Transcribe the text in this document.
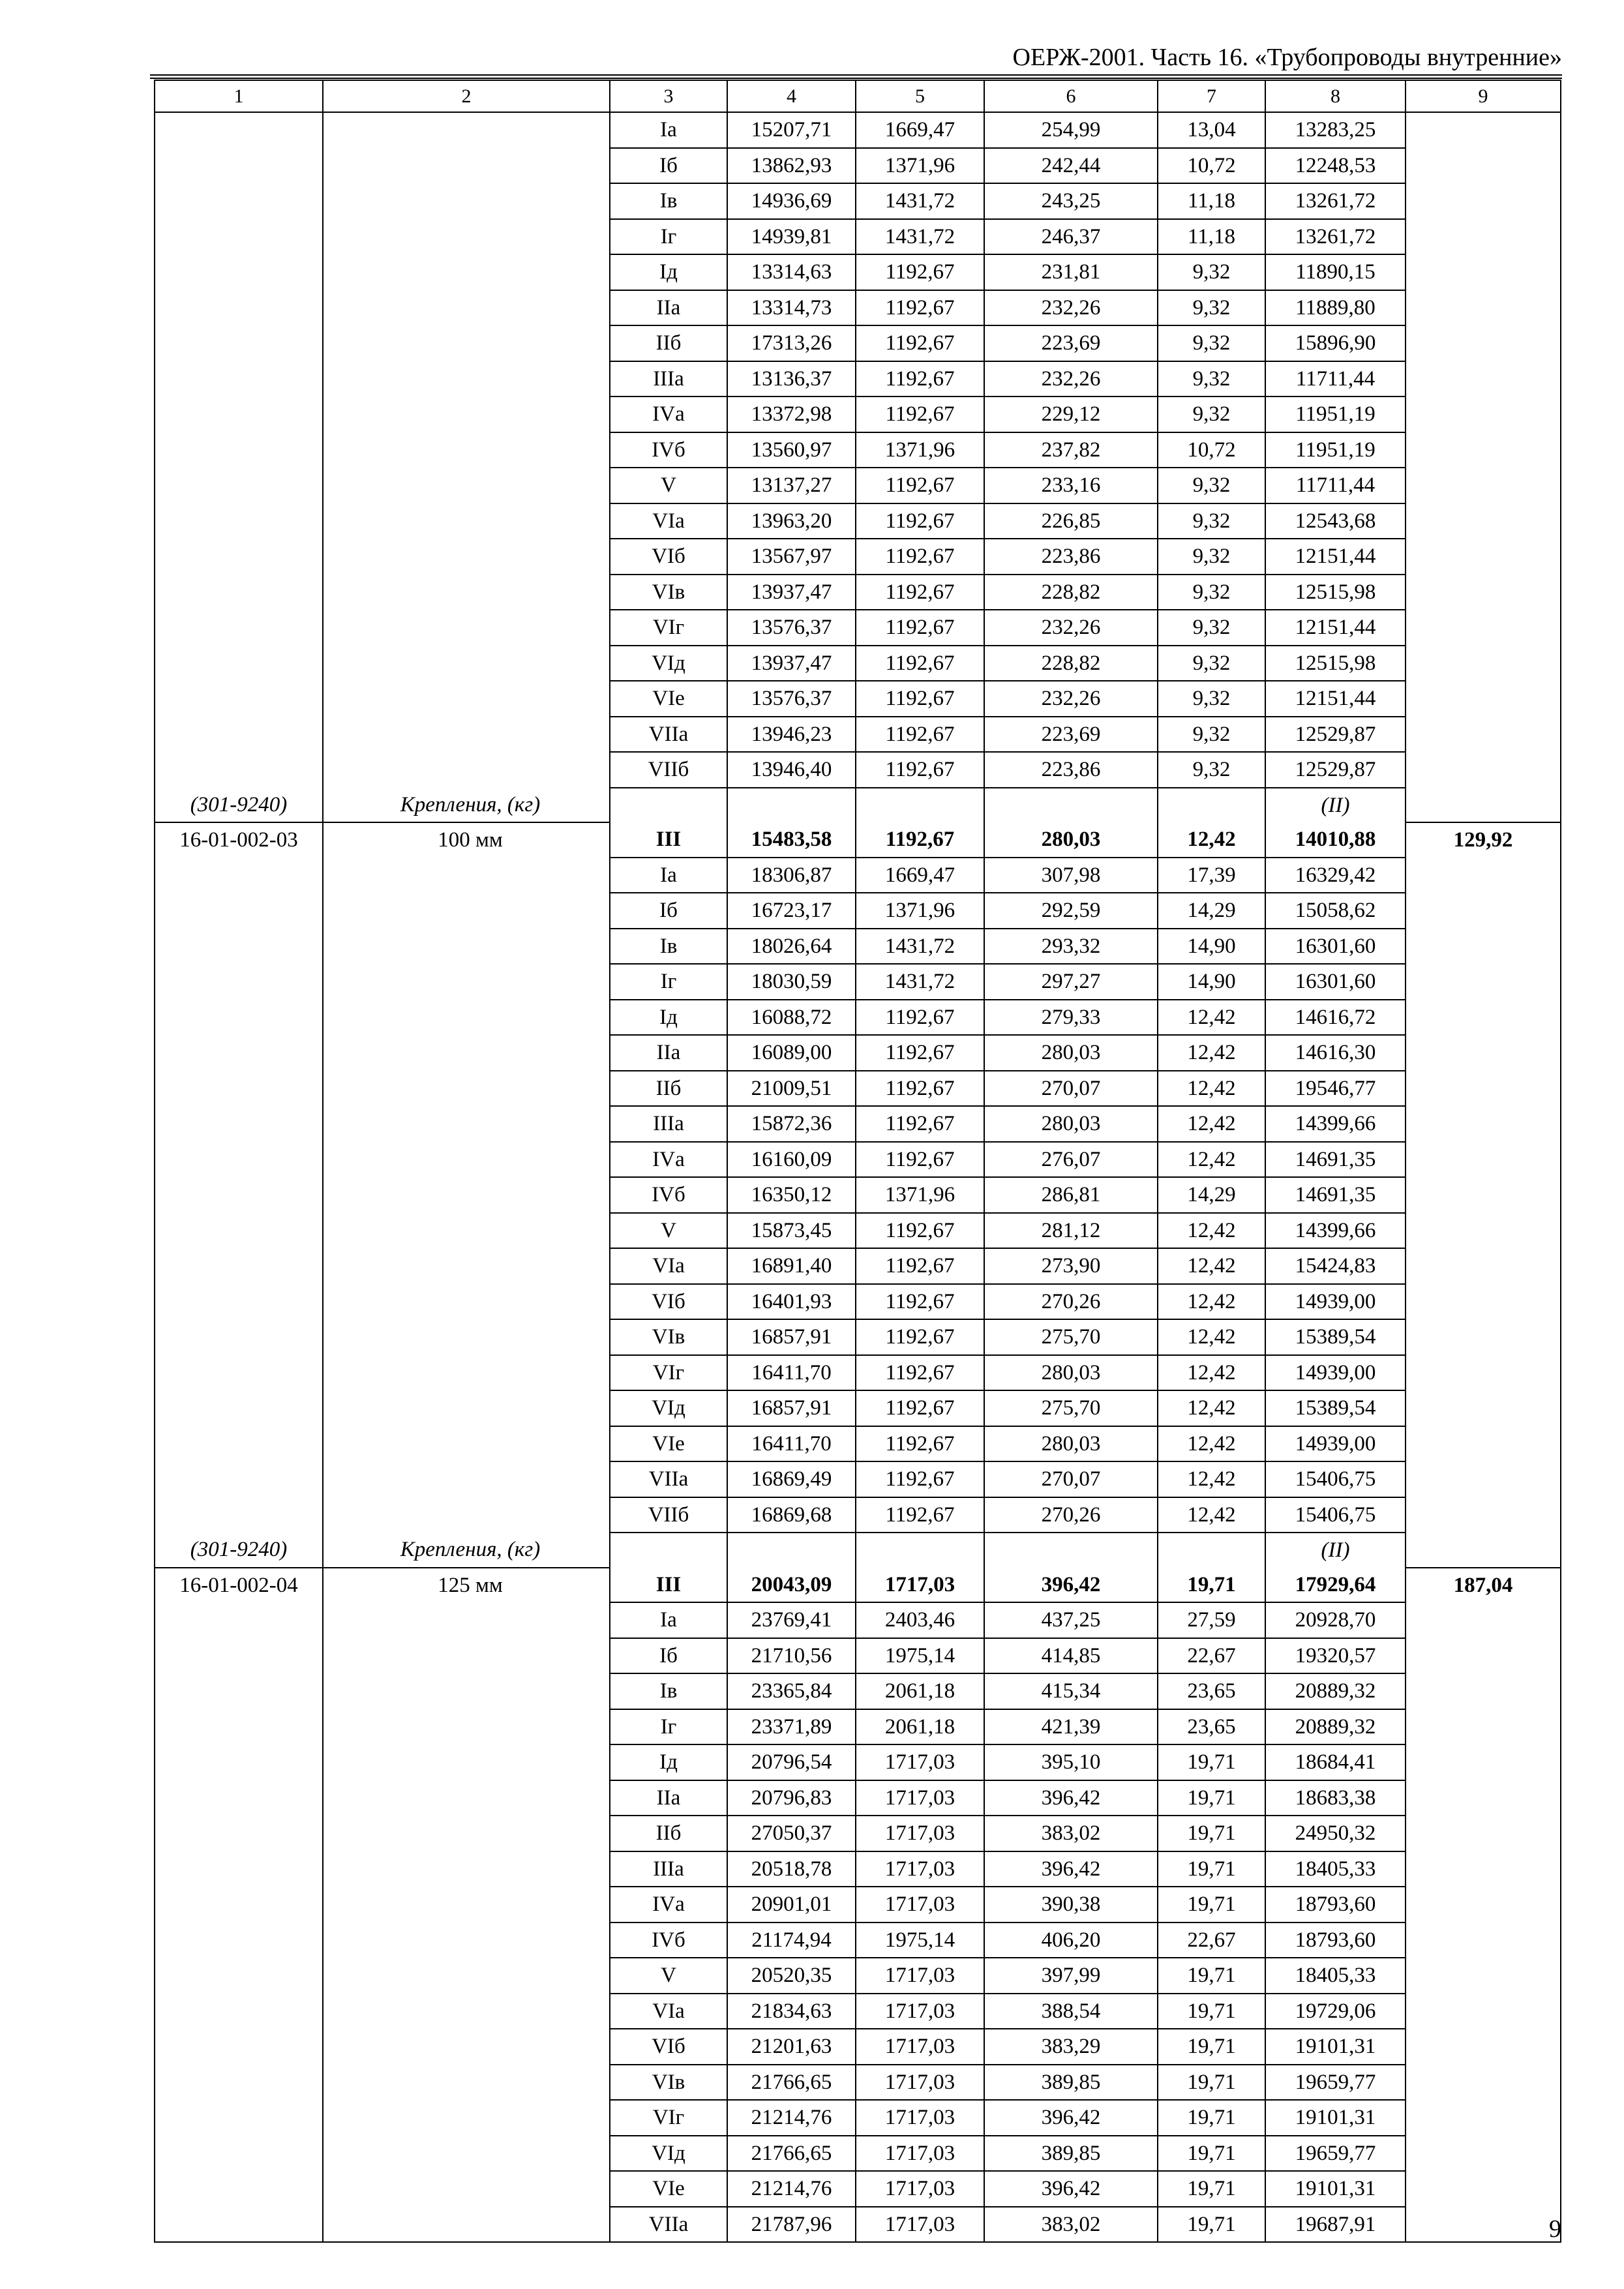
ОЕРЖ-2001. Часть 16. «Трубопроводы внутренние»
1	2	3	4	5	6	7	8	9
		Iа	15207,71	1669,47	254,99	13,04	13283,25	
		Iб	13862,93	1371,96	242,44	10,72	12248,53	
		Iв	14936,69	1431,72	243,25	11,18	13261,72	
		Iг	14939,81	1431,72	246,37	11,18	13261,72	
		Iд	13314,63	1192,67	231,81	9,32	11890,15	
		IIа	13314,73	1192,67	232,26	9,32	11889,80	
		IIб	17313,26	1192,67	223,69	9,32	15896,90	
		IIIа	13136,37	1192,67	232,26	9,32	11711,44	
		IVа	13372,98	1192,67	229,12	9,32	11951,19	
		IVб	13560,97	1371,96	237,82	10,72	11951,19	
		V	13137,27	1192,67	233,16	9,32	11711,44	
		VIа	13963,20	1192,67	226,85	9,32	12543,68	
		VIб	13567,97	1192,67	223,86	9,32	12151,44	
		VIв	13937,47	1192,67	228,82	9,32	12515,98	
		VIг	13576,37	1192,67	232,26	9,32	12151,44	
		VIд	13937,47	1192,67	228,82	9,32	12515,98	
		VIе	13576,37	1192,67	232,26	9,32	12151,44	
		VIIа	13946,23	1192,67	223,69	9,32	12529,87	
		VIIб	13946,40	1192,67	223,86	9,32	12529,87	
(301-9240)	Крепления, (кг)						(II)	
16-01-002-03	100 мм	III	15483,58	1192,67	280,03	12,42	14010,88	129,92
		Iа	18306,87	1669,47	307,98	17,39	16329,42	
		Iб	16723,17	1371,96	292,59	14,29	15058,62	
		Iв	18026,64	1431,72	293,32	14,90	16301,60	
		Iг	18030,59	1431,72	297,27	14,90	16301,60	
		Iд	16088,72	1192,67	279,33	12,42	14616,72	
		IIа	16089,00	1192,67	280,03	12,42	14616,30	
		IIб	21009,51	1192,67	270,07	12,42	19546,77	
		IIIа	15872,36	1192,67	280,03	12,42	14399,66	
		IVа	16160,09	1192,67	276,07	12,42	14691,35	
		IVб	16350,12	1371,96	286,81	14,29	14691,35	
		V	15873,45	1192,67	281,12	12,42	14399,66	
		VIа	16891,40	1192,67	273,90	12,42	15424,83	
		VIб	16401,93	1192,67	270,26	12,42	14939,00	
		VIв	16857,91	1192,67	275,70	12,42	15389,54	
		VIг	16411,70	1192,67	280,03	12,42	14939,00	
		VIд	16857,91	1192,67	275,70	12,42	15389,54	
		VIе	16411,70	1192,67	280,03	12,42	14939,00	
		VIIа	16869,49	1192,67	270,07	12,42	15406,75	
		VIIб	16869,68	1192,67	270,26	12,42	15406,75	
(301-9240)	Крепления, (кг)						(II)	
16-01-002-04	125 мм	III	20043,09	1717,03	396,42	19,71	17929,64	187,04
		Iа	23769,41	2403,46	437,25	27,59	20928,70	
		Iб	21710,56	1975,14	414,85	22,67	19320,57	
		Iв	23365,84	2061,18	415,34	23,65	20889,32	
		Iг	23371,89	2061,18	421,39	23,65	20889,32	
		Iд	20796,54	1717,03	395,10	19,71	18684,41	
		IIа	20796,83	1717,03	396,42	19,71	18683,38	
		IIб	27050,37	1717,03	383,02	19,71	24950,32	
		IIIа	20518,78	1717,03	396,42	19,71	18405,33	
		IVа	20901,01	1717,03	390,38	19,71	18793,60	
		IVб	21174,94	1975,14	406,20	22,67	18793,60	
		V	20520,35	1717,03	397,99	19,71	18405,33	
		VIа	21834,63	1717,03	388,54	19,71	19729,06	
		VIб	21201,63	1717,03	383,29	19,71	19101,31	
		VIв	21766,65	1717,03	389,85	19,71	19659,77	
		VIг	21214,76	1717,03	396,42	19,71	19101,31	
		VIд	21766,65	1717,03	389,85	19,71	19659,77	
		VIе	21214,76	1717,03	396,42	19,71	19101,31	
		VIIа	21787,96	1717,03	383,02	19,71	19687,91		9
